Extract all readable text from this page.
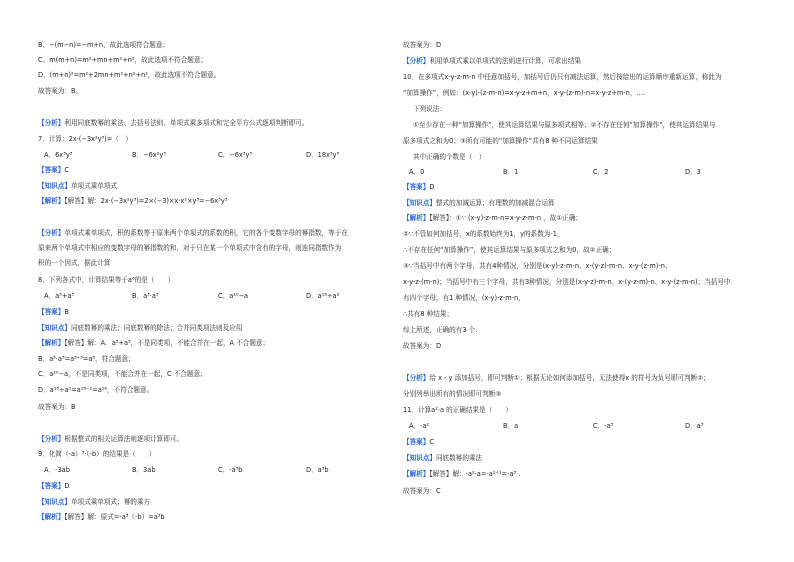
B、−(m−n)=−m+n，故此选项符合题意；
C、m(m+n)=m²+mn+m²+n²，故此选项不符合题意；
D、(m+n)²=m²+2mn+m²+n²+n²，故此选项不符合题意。
故答案为：B。
【分析】利用同底数幂的乘法、去括号法则、单项式乘多项式和完全平方公式逐项判断即可。
7．计算：2x·(−3x²y³)=（　）
A．6x³y³	B．−6x²y³	C．−6x³y³	D．18x³y³
【答案】C
【知识点】单项式乘单项式
【解析】【解答】解：2x·(−3x²y³)=2×(−3)×x·x²×y³=−6x³y³
【分析】单项式乘单项式，积的系数等于原来两个单项式的系数的积，它的各个变数字母的幂指数，等于在
原来两个单项式中相应的变数字母的幂指数的和，对于只在某一个单项式中含有的字母，则连同指数作为
积的一个因式，据此计算
8．下列各式中，计算结果等于a⁶的是（　　）
A．a³+a³	B．a³·a³	C．a¹⁰−a	D．a¹⁸÷a²
【答案】B
【知识点】同底数幂的乘法；同底数幂的除法；合并同类项法则及应用
【解析】【解答】解：A．a³+a³，不是同类项，不能合并在一起，A 不合题意；
B．a³·a³=a³⁺³=a⁶，符合题意；
C．a¹⁰−a，不是同类项，不能合并在一起，C 不合题意；
D．a¹⁸÷a²=a¹⁸⁻²=a¹⁶，不符合题意。
故答案为：B
【分析】根据整式的相关运算法则逐项计算即可。
9．化简（-a）³·（-b）的结果是（　　）
A．-3ab	B．3ab	C．-a³b	D．a³b
【答案】D
【知识点】单项式乘单项式；幂的乘方
【解析】【解答】解：原式=-a³（-b）=a³b
故答案为：D
【分析】利用单项式乘以单项式的法则进行计算，可求出结果
10．在多项式x-y-z-m-n 中任意加括号，加括号后仍只有减法运算，然后按给出的运算顺序重新运算，称此为
“加算操作”，例如：(x-y)-(z-m-n)=x-y-z+m+n，x-y-(z-m)-n=x-y-z+m-n，….
下列说法：
①至少存在一种“加算操作”，使其运算结果与原多项式相等；②不存在任何“加算操作”，使其运算结果与
原多项式之和为0；③所有可能的“加算操作”共有8 种不同运算结果
其中正确的个数是（　）
A．0	B．1	C．2	D．3
【答案】D
【知识点】整式的加减运算；有理数的加减混合运算
【解析】【解答】：①∵ (x-y)-z-m-n=x-y-z-m-n ，故①正确；
②∵不管如何加括号，x的系数始终为1，y的系数为-1，
∴不存在任何“加算操作”，使其运算结果与原多项式之和为0，故②正确；
③∵当括号中有两个字母，共有4种情况，分别是(x-y)-z-m-n、x-(y-z)-m-n、x-y-(z-m)-n、
x-y-z-(m-n)；当括号中有三个字母，共有3种情况，分别是(x-y-z)-m-n、x-(y-z-m)-n、x-y-(z-m-n)；当括号中
有四个字母，有1 种情况，(x-y)-z-m-n，
∴共有8 种结果；
综上所述，正确的有3 个.
故答案为：D
【分析】给 x - y 添加括号，即可判断①；根据无论如何添加括号，无法使得x 的符号为负号即可判断②；
分别列举出所有的情况即可判断③
11．计算a²·a 的正确结果是（　　）
A．-a²	B．a	C．-a³	D．a³
【答案】C
【知识点】同底数幂的乘法
【解析】【解答】解：-a²·a=-a²⁺¹=-a³ .
故答案为：C
